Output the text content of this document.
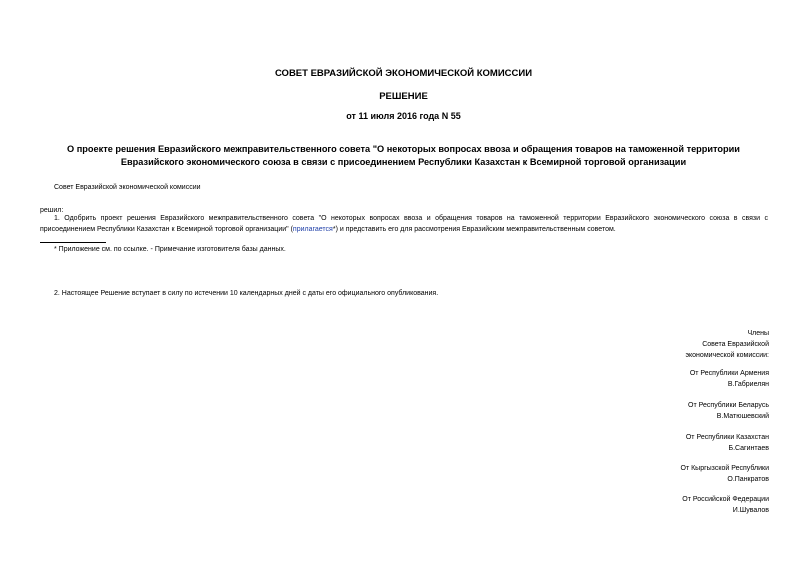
СОВЕТ ЕВРАЗИЙСКОЙ ЭКОНОМИЧЕСКОЙ КОМИССИИ
РЕШЕНИЕ
от 11 июля 2016 года N 55
О проекте решения Евразийского межправительственного совета "О некоторых вопросах ввоза и обращения товаров на таможенной территории Евразийского экономического союза в связи с присоединением Республики Казахстан к Всемирной торговой организации
Совет Евразийской экономической комиссии
решил:
1. Одобрить проект решения Евразийского межправительственного совета "О некоторых вопросах ввоза и обращения товаров на таможенной территории Евразийского экономического союза в связи с присоединением Республики Казахстан к Всемирной торговой организации" (прилагается*) и представить его для рассмотрения Евразийским межправительственным советом.
* Приложение см. по ссылке. - Примечание изготовителя базы данных.
2. Настоящее Решение вступает в силу по истечении 10 календарных дней с даты его официального опубликования.
Члены
Совета Евразийской
экономической комиссии:
От Республики Армения
В.Габриелян
От Республики Беларусь
В.Матюшевский
От Республики Казахстан
Б.Сагинтаев
От Кыргызской Республики
О.Панкратов
От Российской Федерации
И.Шувалов
